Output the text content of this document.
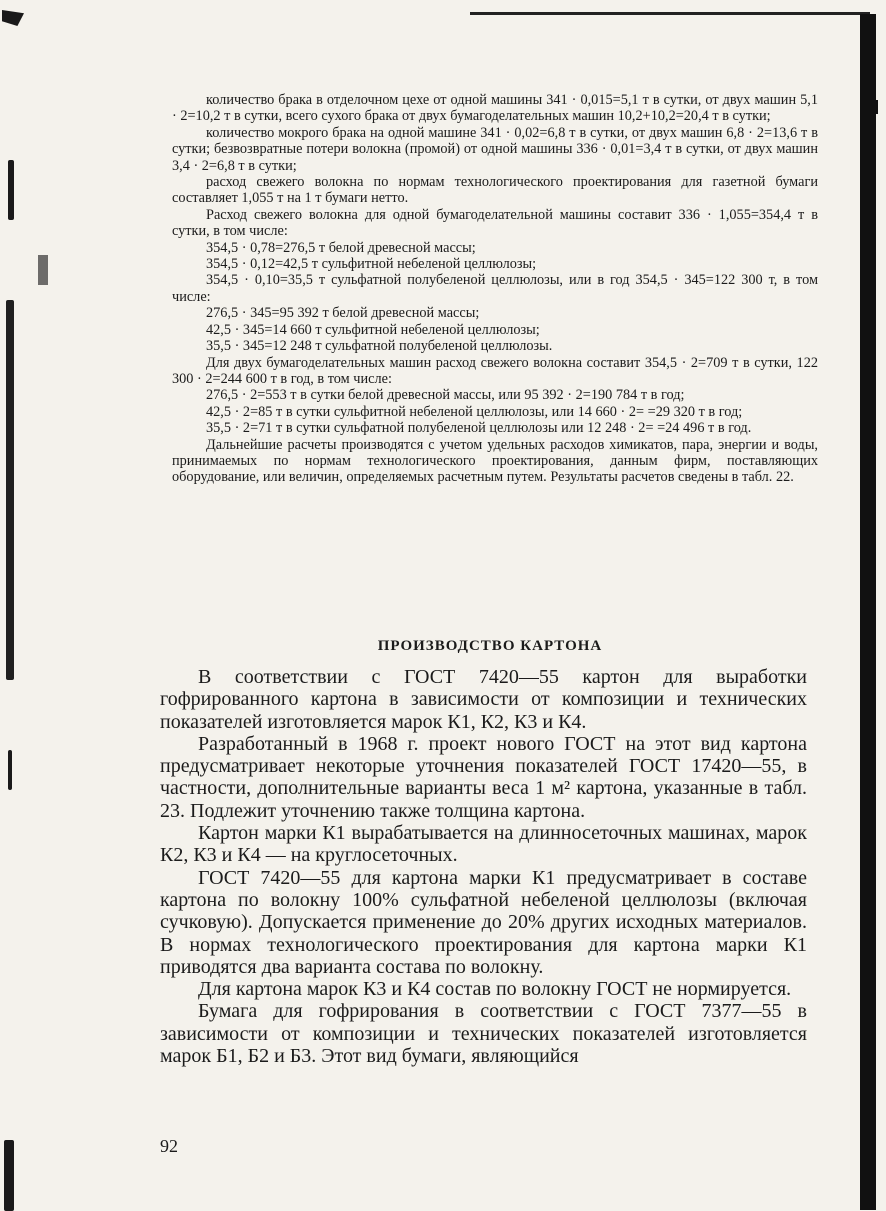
количество брака в отделочном цехе от одной машины 341 · 0,015=5,1 т в сутки, от двух машин 5,1 · 2=10,2 т в сутки, всего сухого брака от двух бумагоделательных машин 10,2+10,2=20,4 т в сутки;

количество мокрого брака на одной машине 341 · 0,02=6,8 т в сутки, от двух машин 6,8 · 2=13,6 т в сутки; безвозвратные потери волокна (промой) от одной машины 336 · 0,01=3,4 т в сутки, от двух машин 3,4 · 2=6,8 т в сутки;

расход свежего волокна по нормам технологического проектирования для газетной бумаги составляет 1,055 т на 1 т бумаги нетто.

Расход свежего волокна для одной бумагоделательной машины составит 336 · 1,055=354,4 т в сутки, в том числе:

354,5 · 0,78=276,5 т белой древесной массы;

354,5 · 0,12=42,5 т сульфитной небеленой целлюлозы;

354,5 · 0,10=35,5 т сульфатной полубеленой целлюлозы, или в год 354,5 · 345=122 300 т, в том числе:

276,5 · 345=95 392 т белой древесной массы;

42,5 · 345=14 660 т сульфитной небеленой целлюлозы;

35,5 · 345=12 248 т сульфатной полубеленой целлюлозы.

Для двух бумагоделательных машин расход свежего волокна составит 354,5 · 2=709 т в сутки, 122 300 · 2=244 600 т в год, в том числе:

276,5 · 2=553 т в сутки белой древесной массы, или 95 392 · 2=190 784 т в год;

42,5 · 2=85 т в сутки сульфитной небеленой целлюлозы, или 14 660 · 2= =29 320 т в год;

35,5 · 2=71 т в сутки сульфатной полубеленой целлюлозы или 12 248 · 2= =24 496 т в год.

Дальнейшие расчеты производятся с учетом удельных расходов химикатов, пара, энергии и воды, принимаемых по нормам технологического проектирования, данным фирм, поставляющих оборудование, или величин, определяемых расчетным путем. Результаты расчетов сведены в табл. 22.

ПРОИЗВОДСТВО КАРТОНА

В соответствии с ГОСТ 7420—55 картон для выработки гофрированного картона в зависимости от композиции и технических показателей изготовляется марок К1, К2, К3 и К4.

Разработанный в 1968 г. проект нового ГОСТ на этот вид картона предусматривает некоторые уточнения показателей ГОСТ 17420—55, в частности, дополнительные варианты веса 1 м² картона, указанные в табл. 23. Подлежит уточнению также толщина картона.

Картон марки К1 вырабатывается на длинносеточных машинах, марок К2, К3 и К4 — на круглосеточных.

ГОСТ 7420—55 для картона марки К1 предусматривает в составе картона по волокну 100% сульфатной небеленой целлюлозы (включая сучковую). Допускается применение до 20% других исходных материалов. В нормах технологического проектирования для картона марки К1 приводятся два варианта состава по волокну.

Для картона марок К3 и К4 состав по волокну ГОСТ не нормируется.

Бумага для гофрирования в соответствии с ГОСТ 7377—55 в зависимости от композиции и технических показателей изготовляется марок Б1, Б2 и Б3. Этот вид бумаги, являющийся

92
